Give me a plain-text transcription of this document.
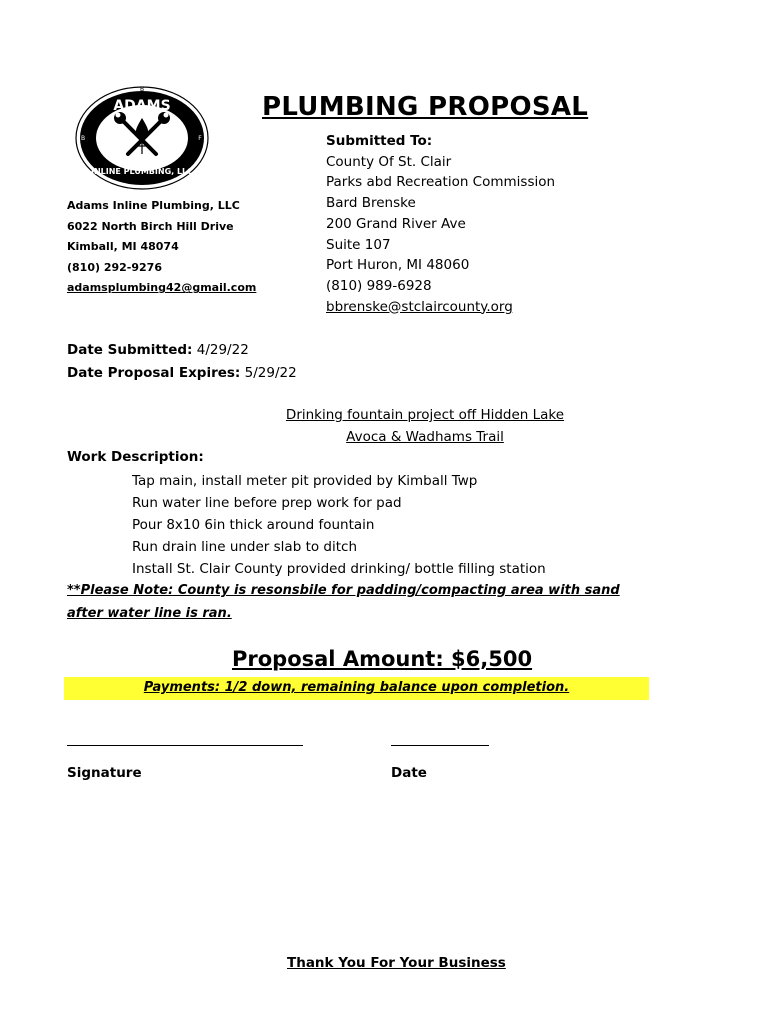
ADAMS
INLINE PLUMBING, LLC
B
B	F
PLUMBING PROPOSAL
Adams Inline Plumbing, LLC
6022 North Birch Hill Drive
Kimball, MI 48074
(810) 292-9276
adamsplumbing42@gmail.com
Submitted To:
County Of St. Clair
Parks abd Recreation Commission
Bard Brenske
200 Grand River Ave
Suite 107
Port Huron, MI 48060
(810) 989-6928
bbrenske@stclaircounty.org
Date Submitted: 4/29/22
Date Proposal Expires: 5/29/22
Drinking fountain project off Hidden Lake
Avoca & Wadhams Trail
Work Description:
Tap main, install meter pit provided by Kimball Twp
Run water line before prep work for pad
Pour 8x10 6in thick around fountain
Run drain line under slab to ditch
Install St. Clair County provided drinking/ bottle filling station
**Please Note: County is resonsbile for padding/compacting area with sand
after water line is ran.
Proposal Amount: $6,500
Payments: 1/2 down, remaining balance upon completion.
Signature	Date
Thank You For Your Business
